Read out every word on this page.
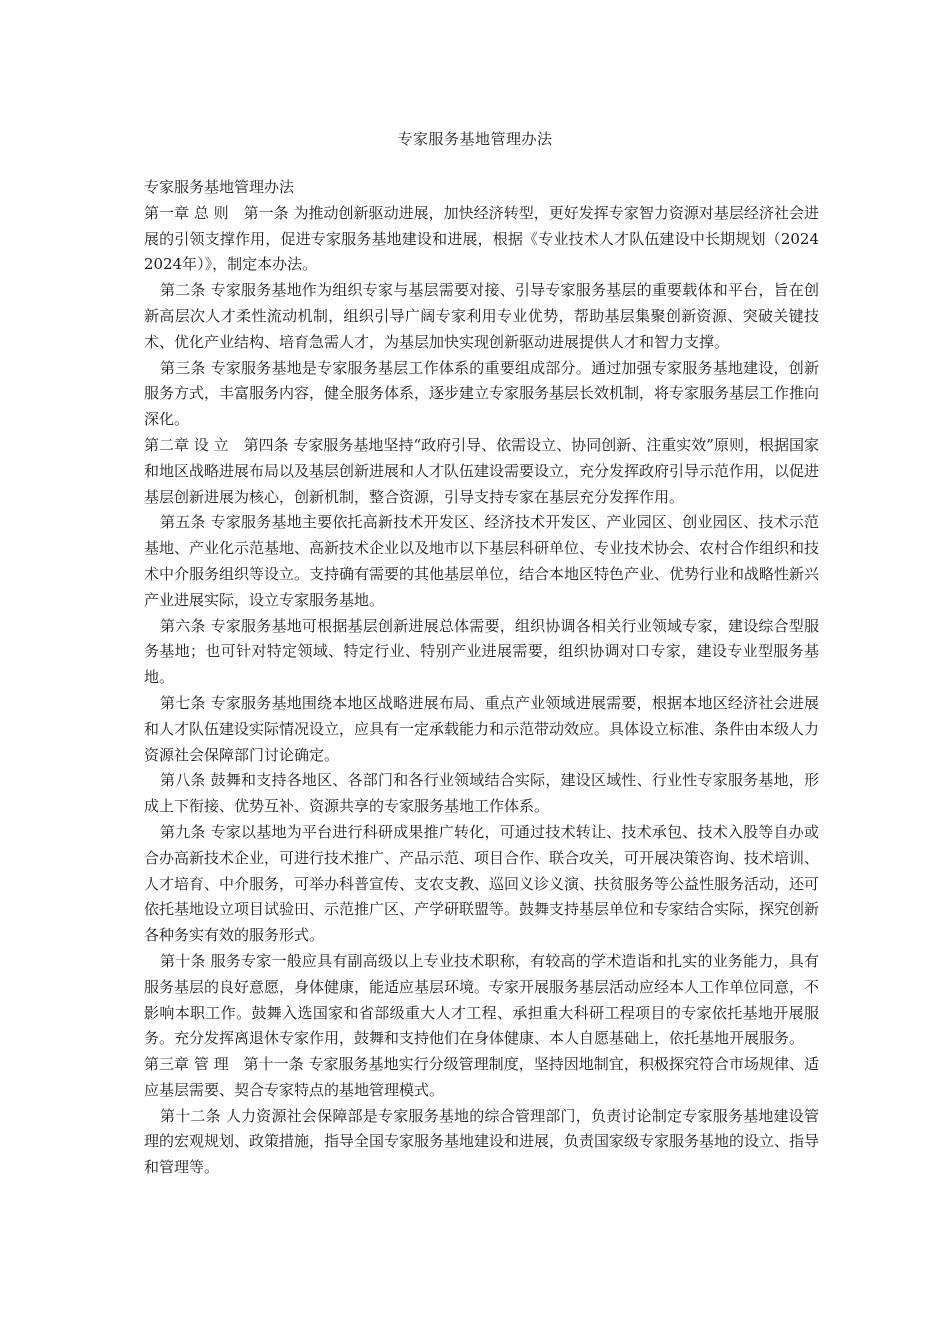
专家服务基地管理办法

专家服务基地管理办法

第一章 总 则　第一条 为推动创新驱动进展，加快经济转型，更好发挥专家智力资源对基层经济社会进展的引领支撑作用，促进专家服务基地建设和进展，根据《专业技术人才队伍建设中长期规划（20242024年）》，制定本办法。

第二条 专家服务基地作为组织专家与基层需要对接、引导专家服务基层的重要载体和平台，旨在创新高层次人才柔性流动机制，组织引导广阔专家利用专业优势，帮助基层集聚创新资源、突破关键技术、优化产业结构、培育急需人才，为基层加快实现创新驱动进展提供人才和智力支撑。

第三条 专家服务基地是专家服务基层工作体系的重要组成部分。通过加强专家服务基地建设，创新服务方式，丰富服务内容，健全服务体系，逐步建立专家服务基层长效机制，将专家服务基层工作推向深化。

第二章 设 立　第四条 专家服务基地坚持“政府引导、依需设立、协同创新、注重实效”原则，根据国家和地区战略进展布局以及基层创新进展和人才队伍建设需要设立，充分发挥政府引导示范作用，以促进基层创新进展为核心，创新机制，整合资源，引导支持专家在基层充分发挥作用。

第五条 专家服务基地主要依托高新技术开发区、经济技术开发区、产业园区、创业园区、技术示范基地、产业化示范基地、高新技术企业以及地市以下基层科研单位、专业技术协会、农村合作组织和技术中介服务组织等设立。支持确有需要的其他基层单位，结合本地区特色产业、优势行业和战略性新兴产业进展实际，设立专家服务基地。

第六条 专家服务基地可根据基层创新进展总体需要，组织协调各相关行业领域专家，建设综合型服务基地；也可针对特定领域、特定行业、特别产业进展需要，组织协调对口专家，建设专业型服务基地。

第七条 专家服务基地围绕本地区战略进展布局、重点产业领域进展需要，根据本地区经济社会进展和人才队伍建设实际情况设立，应具有一定承载能力和示范带动效应。具体设立标准、条件由本级人力资源社会保障部门讨论确定。

第八条 鼓舞和支持各地区、各部门和各行业领域结合实际，建设区域性、行业性专家服务基地，形成上下衔接、优势互补、资源共享的专家服务基地工作体系。

第九条 专家以基地为平台进行科研成果推广转化，可通过技术转让、技术承包、技术入股等自办或合办高新技术企业，可进行技术推广、产品示范、项目合作、联合攻关，可开展决策咨询、技术培训、人才培育、中介服务，可举办科普宣传、支农支教、巡回义诊义演、扶贫服务等公益性服务活动，还可依托基地设立项目试验田、示范推广区、产学研联盟等。鼓舞支持基层单位和专家结合实际，探究创新各种务实有效的服务形式。

第十条 服务专家一般应具有副高级以上专业技术职称，有较高的学术造诣和扎实的业务能力，具有服务基层的良好意愿，身体健康，能适应基层环境。专家开展服务基层活动应经本人工作单位同意，不影响本职工作。鼓舞入选国家和省部级重大人才工程、承担重大科研工程项目的专家依托基地开展服务。充分发挥离退休专家作用，鼓舞和支持他们在身体健康、本人自愿基础上，依托基地开展服务。

第三章 管 理　第十一条 专家服务基地实行分级管理制度，坚持因地制宜，积极探究符合市场规律、适应基层需要、契合专家特点的基地管理模式。

第十二条 人力资源社会保障部是专家服务基地的综合管理部门，负责讨论制定专家服务基地建设管理的宏观规划、政策措施，指导全国专家服务基地建设和进展，负责国家级专家服务基地的设立、指导和管理等。
